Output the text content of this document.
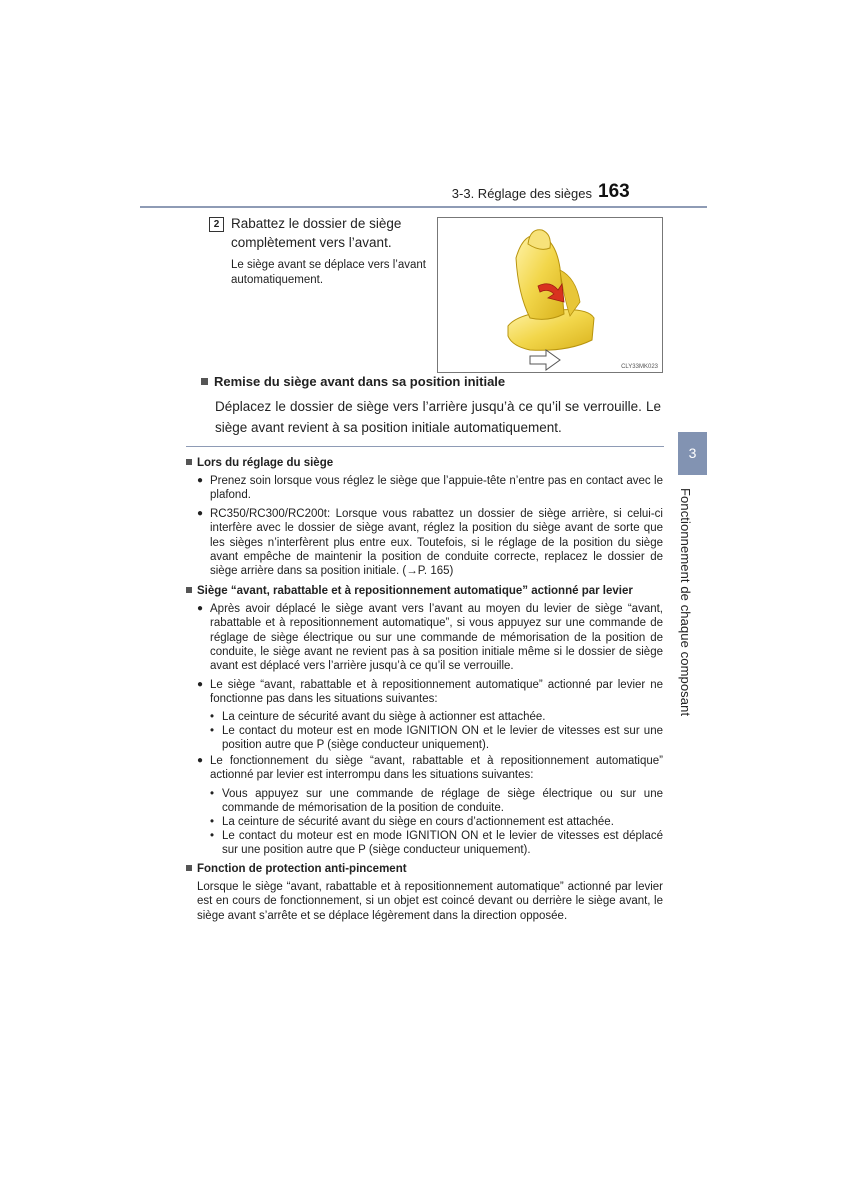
3-3. Réglage des sièges 163
3
Fonctionnement de chaque composant
2 Rabattez le dossier de siège complètement vers l’avant.
Le siège avant se déplace vers l’avant automatiquement.
CLY33MK023
Remise du siège avant dans sa position initiale
Déplacez le dossier de siège vers l’arrière jusqu’à ce qu’il se verrouille. Le siège avant revient à sa position initiale automatiquement.
Lors du réglage du siège
● Prenez soin lorsque vous réglez le siège que l’appuie-tête n’entre pas en contact avec le plafond.
● RC350/RC300/RC200t: Lorsque vous rabattez un dossier de siège arrière, si celui-ci interfère avec le dossier de siège avant, réglez la position du siège avant de sorte que les sièges n’interfèrent plus entre eux. Toutefois, si le réglage de la position du siège avant empêche de maintenir la position de conduite correcte, replacez le dossier de siège arrière dans sa position initiale. (→P. 165)
Siège “avant, rabattable et à repositionnement automatique” actionné par levier
● Après avoir déplacé le siège avant vers l’avant au moyen du levier de siège “avant, rabattable et à repositionnement automatique”, si vous appuyez sur une commande de réglage de siège électrique ou sur une commande de mémorisation de la position de conduite, le siège avant ne revient pas à sa position initiale même si le dossier de siège avant est déplacé vers l’arrière jusqu’à ce qu’il se verrouille.
● Le siège “avant, rabattable et à repositionnement automatique” actionné par levier ne fonctionne pas dans les situations suivantes:
• La ceinture de sécurité avant du siège à actionner est attachée.
• Le contact du moteur est en mode IGNITION ON et le levier de vitesses est sur une position autre que P (siège conducteur uniquement).
● Le fonctionnement du siège “avant, rabattable et à repositionnement automatique” actionné par levier est interrompu dans les situations suivantes:
• Vous appuyez sur une commande de réglage de siège électrique ou sur une commande de mémorisation de la position de conduite.
• La ceinture de sécurité avant du siège en cours d’actionnement est attachée.
• Le contact du moteur est en mode IGNITION ON et le levier de vitesses est déplacé sur une position autre que P (siège conducteur uniquement).
Fonction de protection anti-pincement
Lorsque le siège “avant, rabattable et à repositionnement automatique” actionné par levier est en cours de fonctionnement, si un objet est coincé devant ou derrière le siège avant, le siège avant s’arrête et se déplace légèrement dans la direction opposée.
